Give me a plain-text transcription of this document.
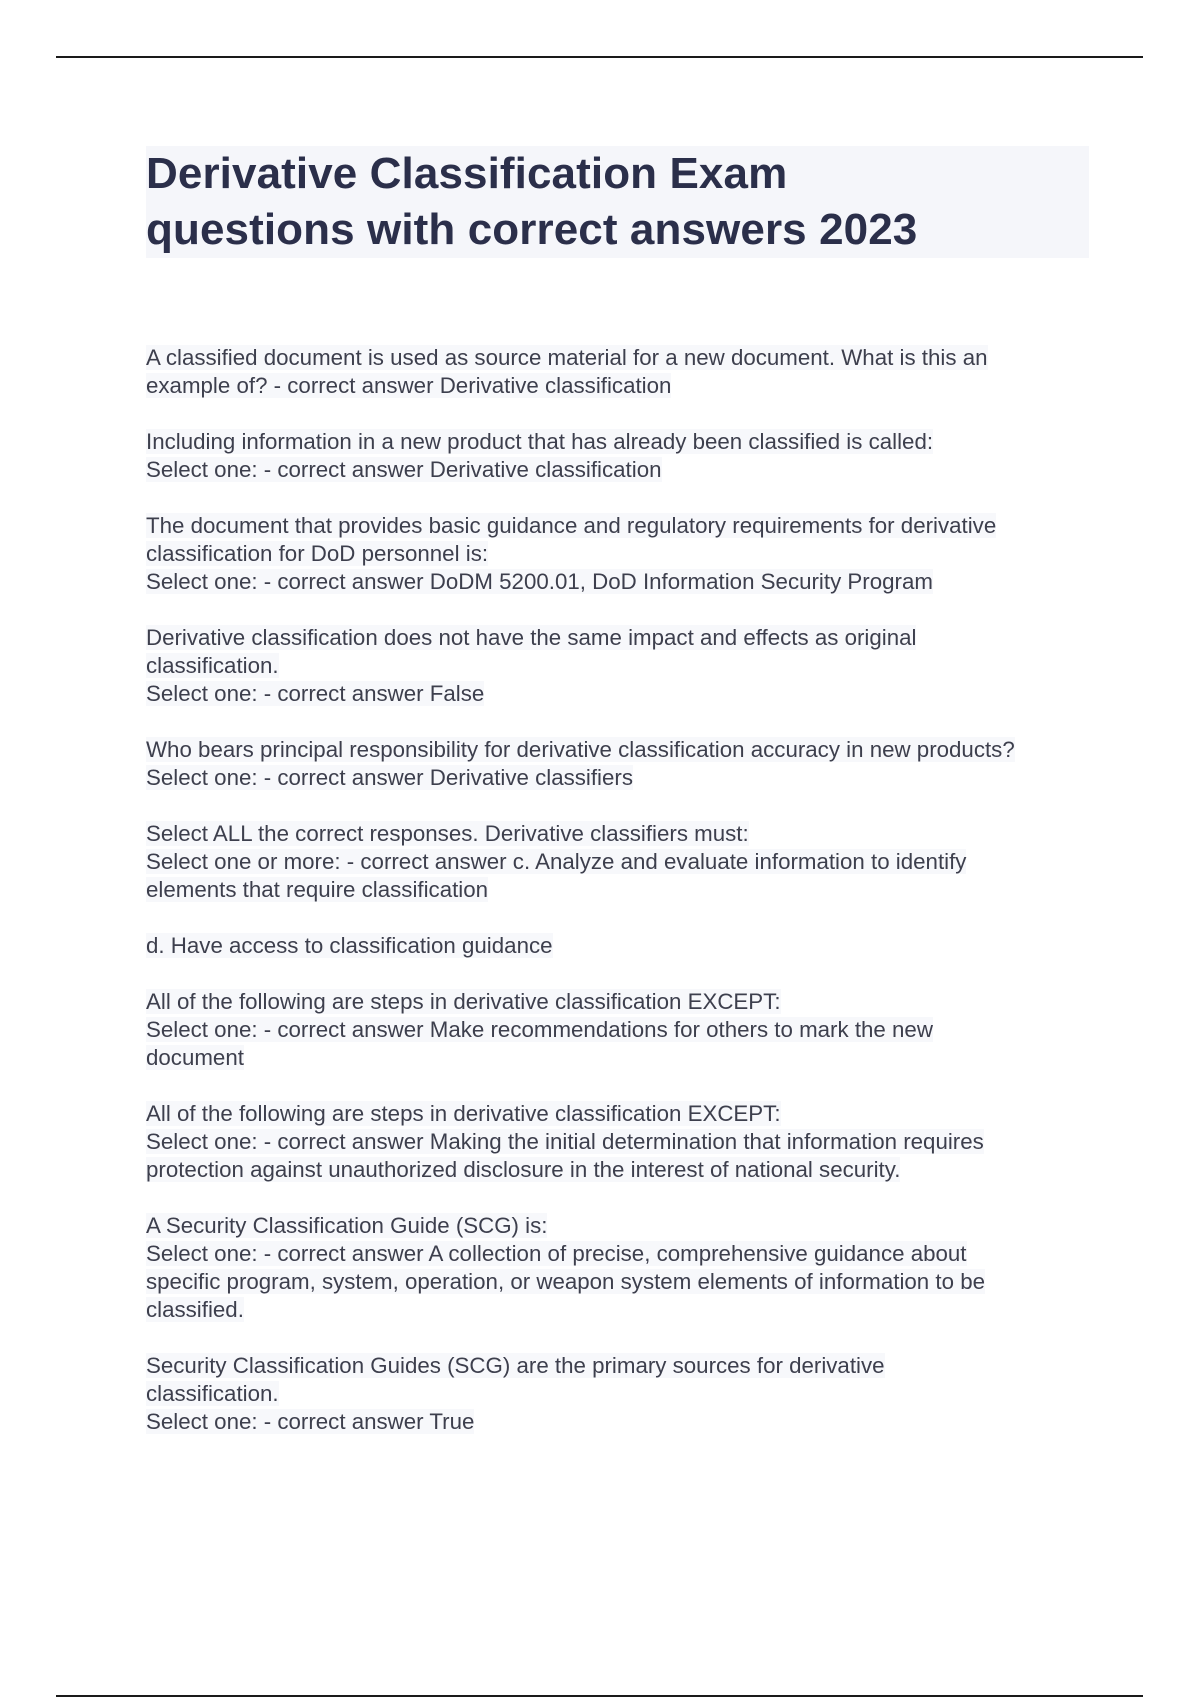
Derivative Classification Exam
questions with correct answers 2023
A classified document is used as source material for a new document. What is this an
example of? - correct answer Derivative classification
Including information in a new product that has already been classified is called:
Select one: - correct answer Derivative classification
The document that provides basic guidance and regulatory requirements for derivative
classification for DoD personnel is:
Select one: - correct answer DoDM 5200.01, DoD Information Security Program
Derivative classification does not have the same impact and effects as original
classification.
Select one: - correct answer False
Who bears principal responsibility for derivative classification accuracy in new products?
Select one: - correct answer Derivative classifiers
Select ALL the correct responses. Derivative classifiers must:
Select one or more: - correct answer c. Analyze and evaluate information to identify
elements that require classification
d. Have access to classification guidance
All of the following are steps in derivative classification EXCEPT:
Select one: - correct answer Make recommendations for others to mark the new
document
All of the following are steps in derivative classification EXCEPT:
Select one: - correct answer Making the initial determination that information requires
protection against unauthorized disclosure in the interest of national security.
A Security Classification Guide (SCG) is:
Select one: - correct answer A collection of precise, comprehensive guidance about
specific program, system, operation, or weapon system elements of information to be
classified.
Security Classification Guides (SCG) are the primary sources for derivative
classification.
Select one: - correct answer True
